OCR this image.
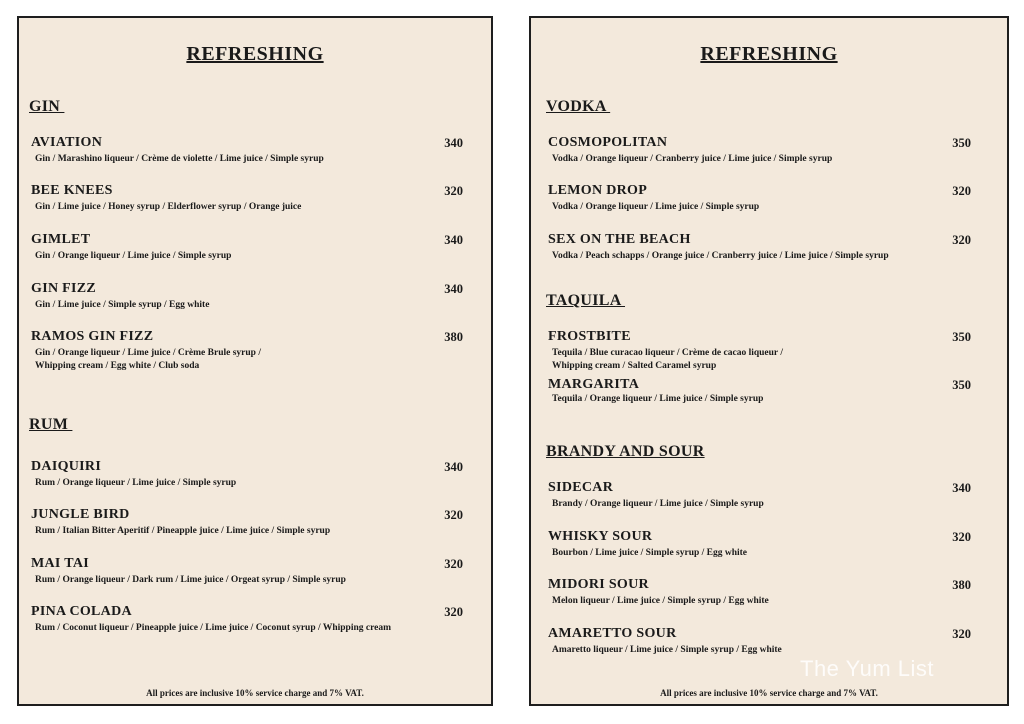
REFRESHING
GIN
AVIATION	340
Gin / Marashino liqueur / Crème de violette / Lime juice / Simple syrup
BEE KNEES	320
Gin / Lime juice / Honey syrup / Elderflower syrup / Orange juice
GIMLET	340
Gin / Orange liqueur / Lime juice / Simple syrup
GIN FIZZ	340
Gin / Lime juice / Simple syrup / Egg white
RAMOS GIN FIZZ	380
Gin / Orange liqueur / Lime juice / Crème Brule syrup /
Whipping cream / Egg white / Club soda
RUM
DAIQUIRI	340
Rum / Orange liqueur / Lime juice / Simple syrup
JUNGLE BIRD	320
Rum / Italian Bitter Aperitif / Pineapple juice / Lime juice / Simple syrup
MAI TAI	320
Rum / Orange liqueur / Dark rum / Lime juice / Orgeat syrup / Simple syrup
PINA COLADA	320
Rum / Coconut liqueur / Pineapple juice / Lime juice / Coconut syrup / Whipping cream
All prices are inclusive 10% service charge and 7% VAT.
REFRESHING
VODKA
COSMOPOLITAN	350
Vodka / Orange liqueur / Cranberry juice / Lime juice / Simple syrup
LEMON DROP	320
Vodka / Orange liqueur / Lime juice / Simple syrup
SEX ON THE BEACH	320
Vodka / Peach schapps / Orange juice / Cranberry juice / Lime juice / Simple syrup
TAQUILA
FROSTBITE	350
Tequila / Blue curacao liqueur / Crème de cacao liqueur /
Whipping cream / Salted Caramel syrup
MARGARITA	350
Tequila / Orange liqueur / Lime juice / Simple syrup
BRANDY AND SOUR
SIDECAR	340
Brandy / Orange liqueur / Lime juice / Simple syrup
WHISKY SOUR	320
Bourbon / Lime juice / Simple syrup / Egg white
MIDORI SOUR	380
Melon liqueur / Lime juice / Simple syrup / Egg white
AMARETTO SOUR	320
Amaretto liqueur / Lime juice / Simple syrup / Egg white
All prices are inclusive 10% service charge and 7% VAT.
The Yum List
